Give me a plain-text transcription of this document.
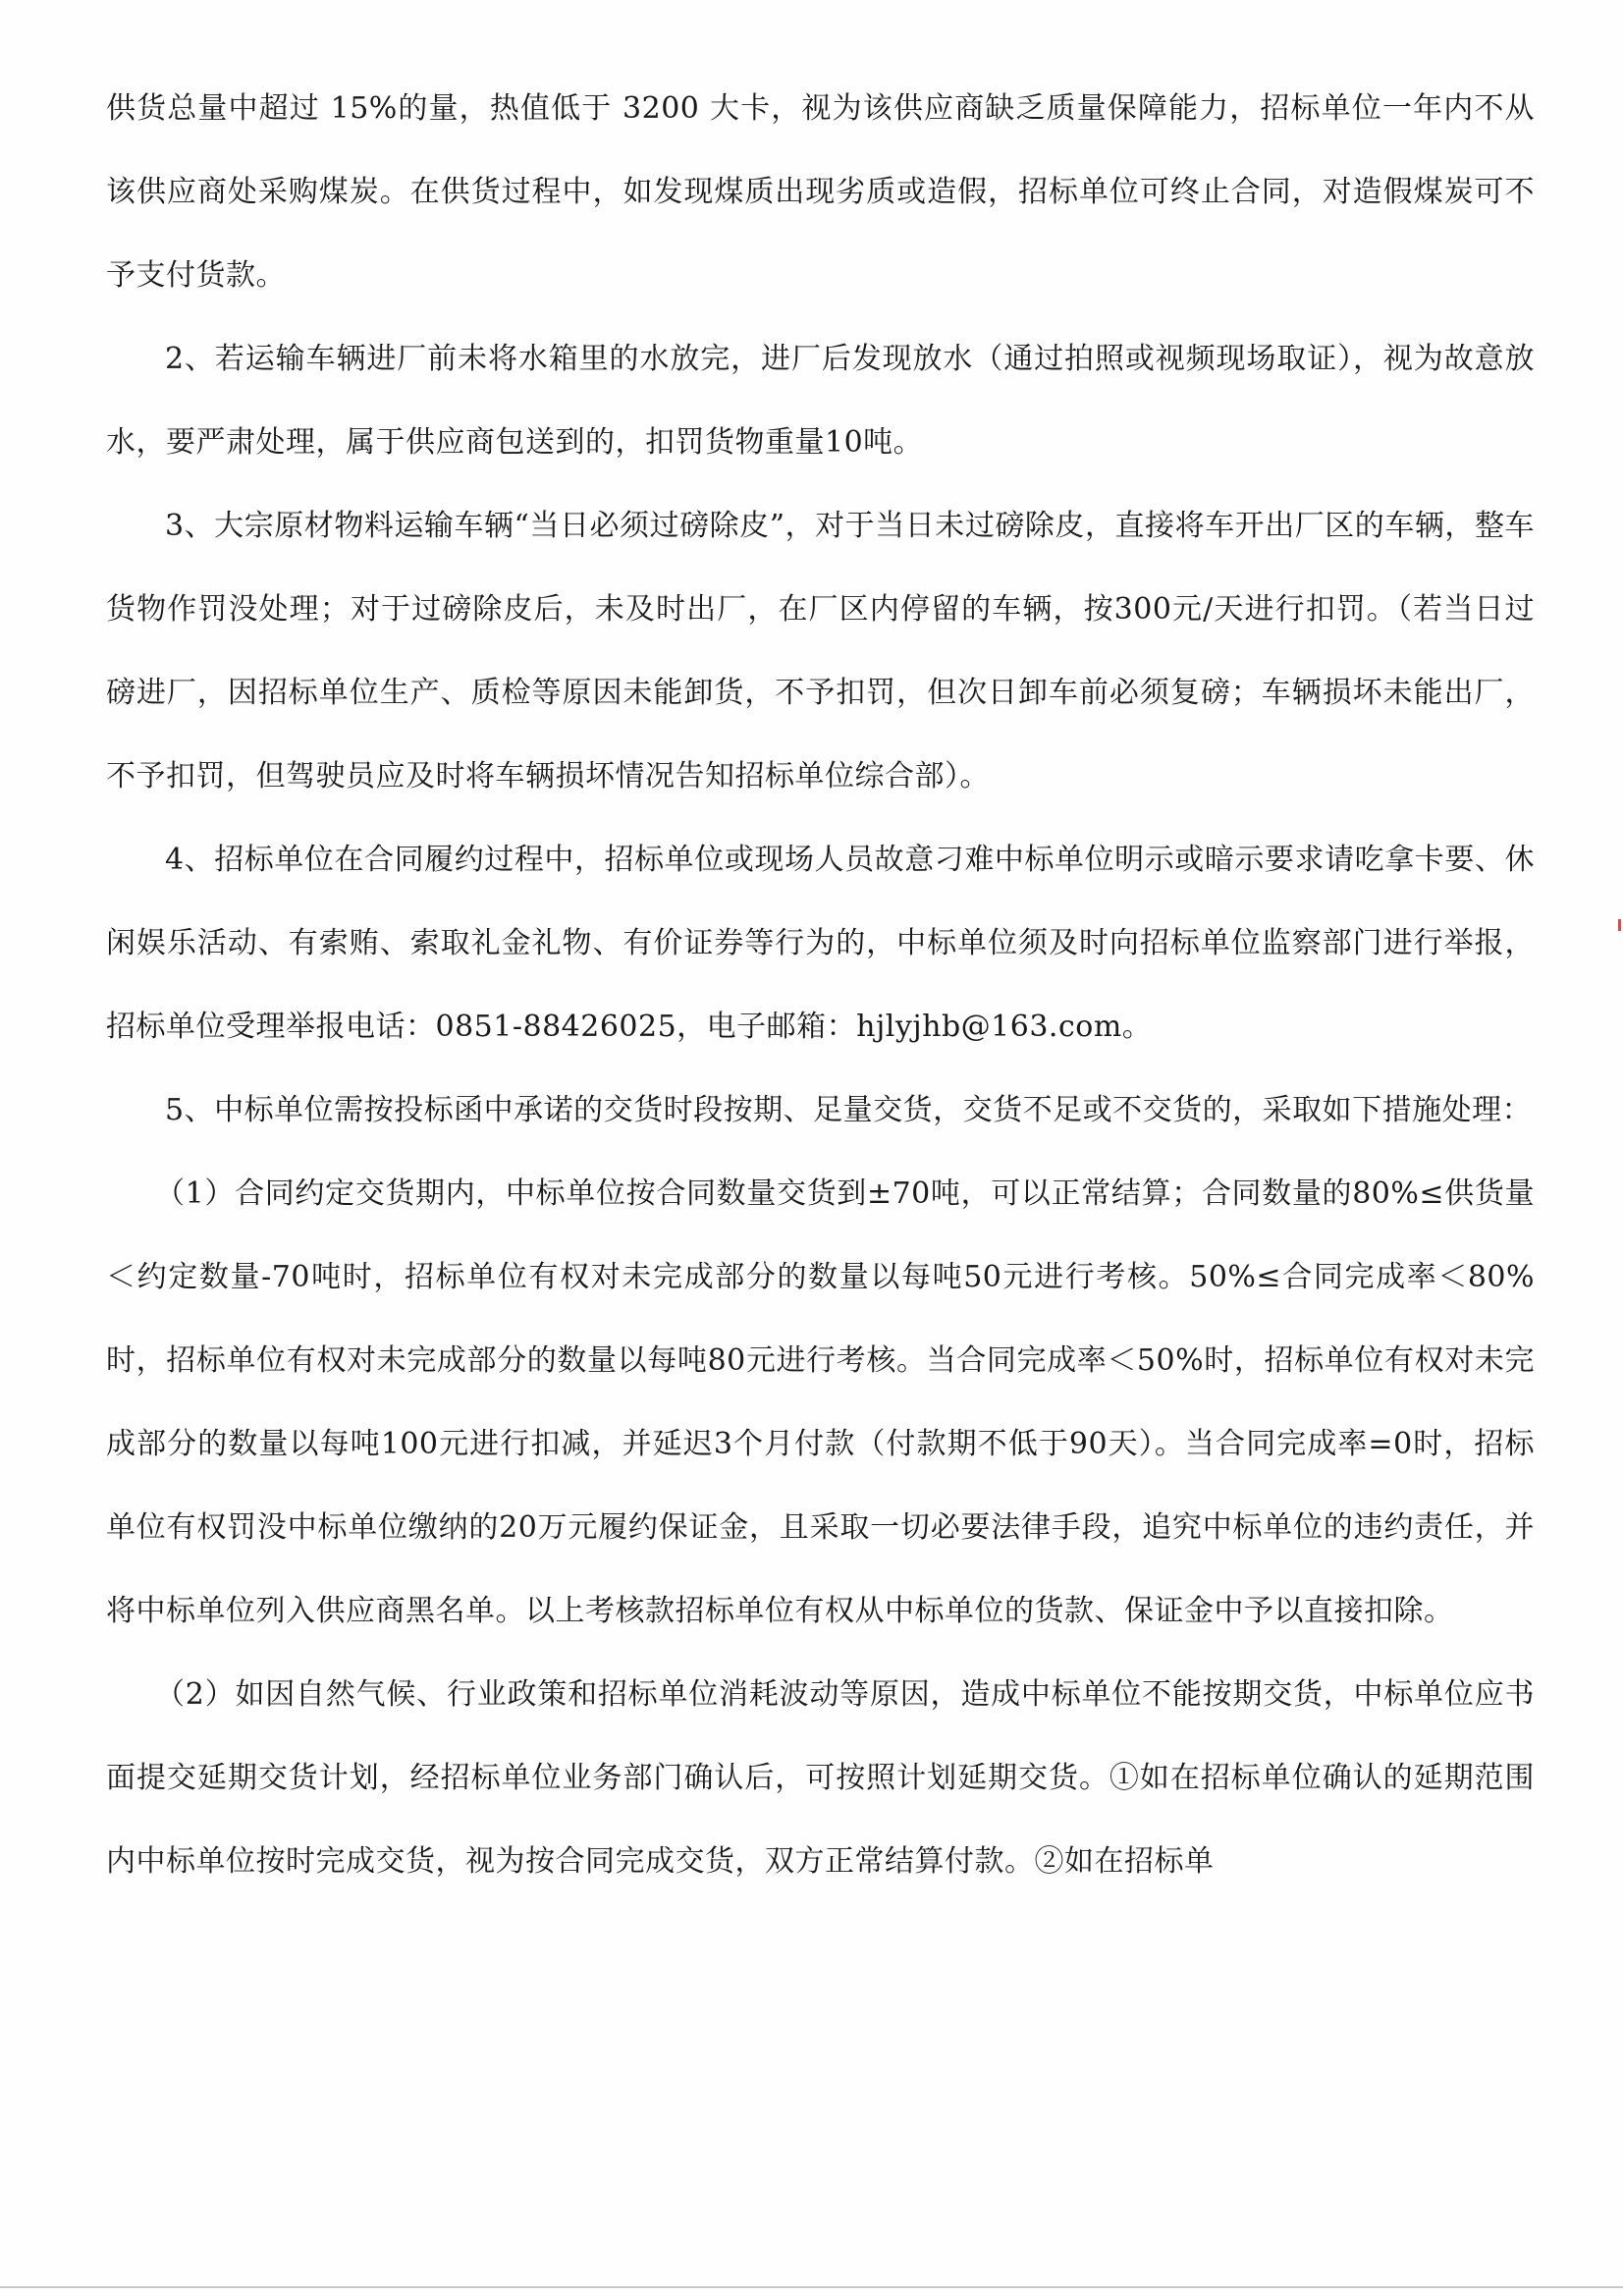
供货总量中超过 15%的量，热值低于 3200 大卡，视为该供应商缺乏质量保障能力，招标单位一年内不从该供应商处采购煤炭。在供货过程中，如发现煤质出现劣质或造假，招标单位可终止合同，对造假煤炭可不予支付货款。

2、若运输车辆进厂前未将水箱里的水放完，进厂后发现放水（通过拍照或视频现场取证），视为故意放水，要严肃处理，属于供应商包送到的，扣罚货物重量10吨。

3、大宗原材物料运输车辆“当日必须过磅除皮”，对于当日未过磅除皮，直接将车开出厂区的车辆，整车货物作罚没处理；对于过磅除皮后，未及时出厂，在厂区内停留的车辆，按300元/天进行扣罚。（若当日过磅进厂，因招标单位生产、质检等原因未能卸货，不予扣罚，但次日卸车前必须复磅；车辆损坏未能出厂，不予扣罚，但驾驶员应及时将车辆损坏情况告知招标单位综合部）。

4、招标单位在合同履约过程中，招标单位或现场人员故意刁难中标单位明示或暗示要求请吃拿卡要、休闲娱乐活动、有索贿、索取礼金礼物、有价证券等行为的，中标单位须及时向招标单位监察部门进行举报，招标单位受理举报电话：0851-88426025，电子邮箱：hjlyjhb@163.com。

5、中标单位需按投标函中承诺的交货时段按期、足量交货，交货不足或不交货的，采取如下措施处理：

（1）合同约定交货期内，中标单位按合同数量交货到±70吨，可以正常结算；合同数量的80%≤供货量＜约定数量-70吨时，招标单位有权对未完成部分的数量以每吨50元进行考核。50%≤合同完成率＜80%时，招标单位有权对未完成部分的数量以每吨80元进行考核。当合同完成率＜50%时，招标单位有权对未完成部分的数量以每吨100元进行扣减，并延迟3个月付款（付款期不低于90天）。当合同完成率=0时，招标单位有权罚没中标单位缴纳的20万元履约保证金，且采取一切必要法律手段，追究中标单位的违约责任，并将中标单位列入供应商黑名单。以上考核款招标单位有权从中标单位的货款、保证金中予以直接扣除。

（2）如因自然气候、行业政策和招标单位消耗波动等原因，造成中标单位不能按期交货，中标单位应书面提交延期交货计划，经招标单位业务部门确认后，可按照计划延期交货。①如在招标单位确认的延期范围内中标单位按时完成交货，视为按合同完成交货，双方正常结算付款。②如在招标单
